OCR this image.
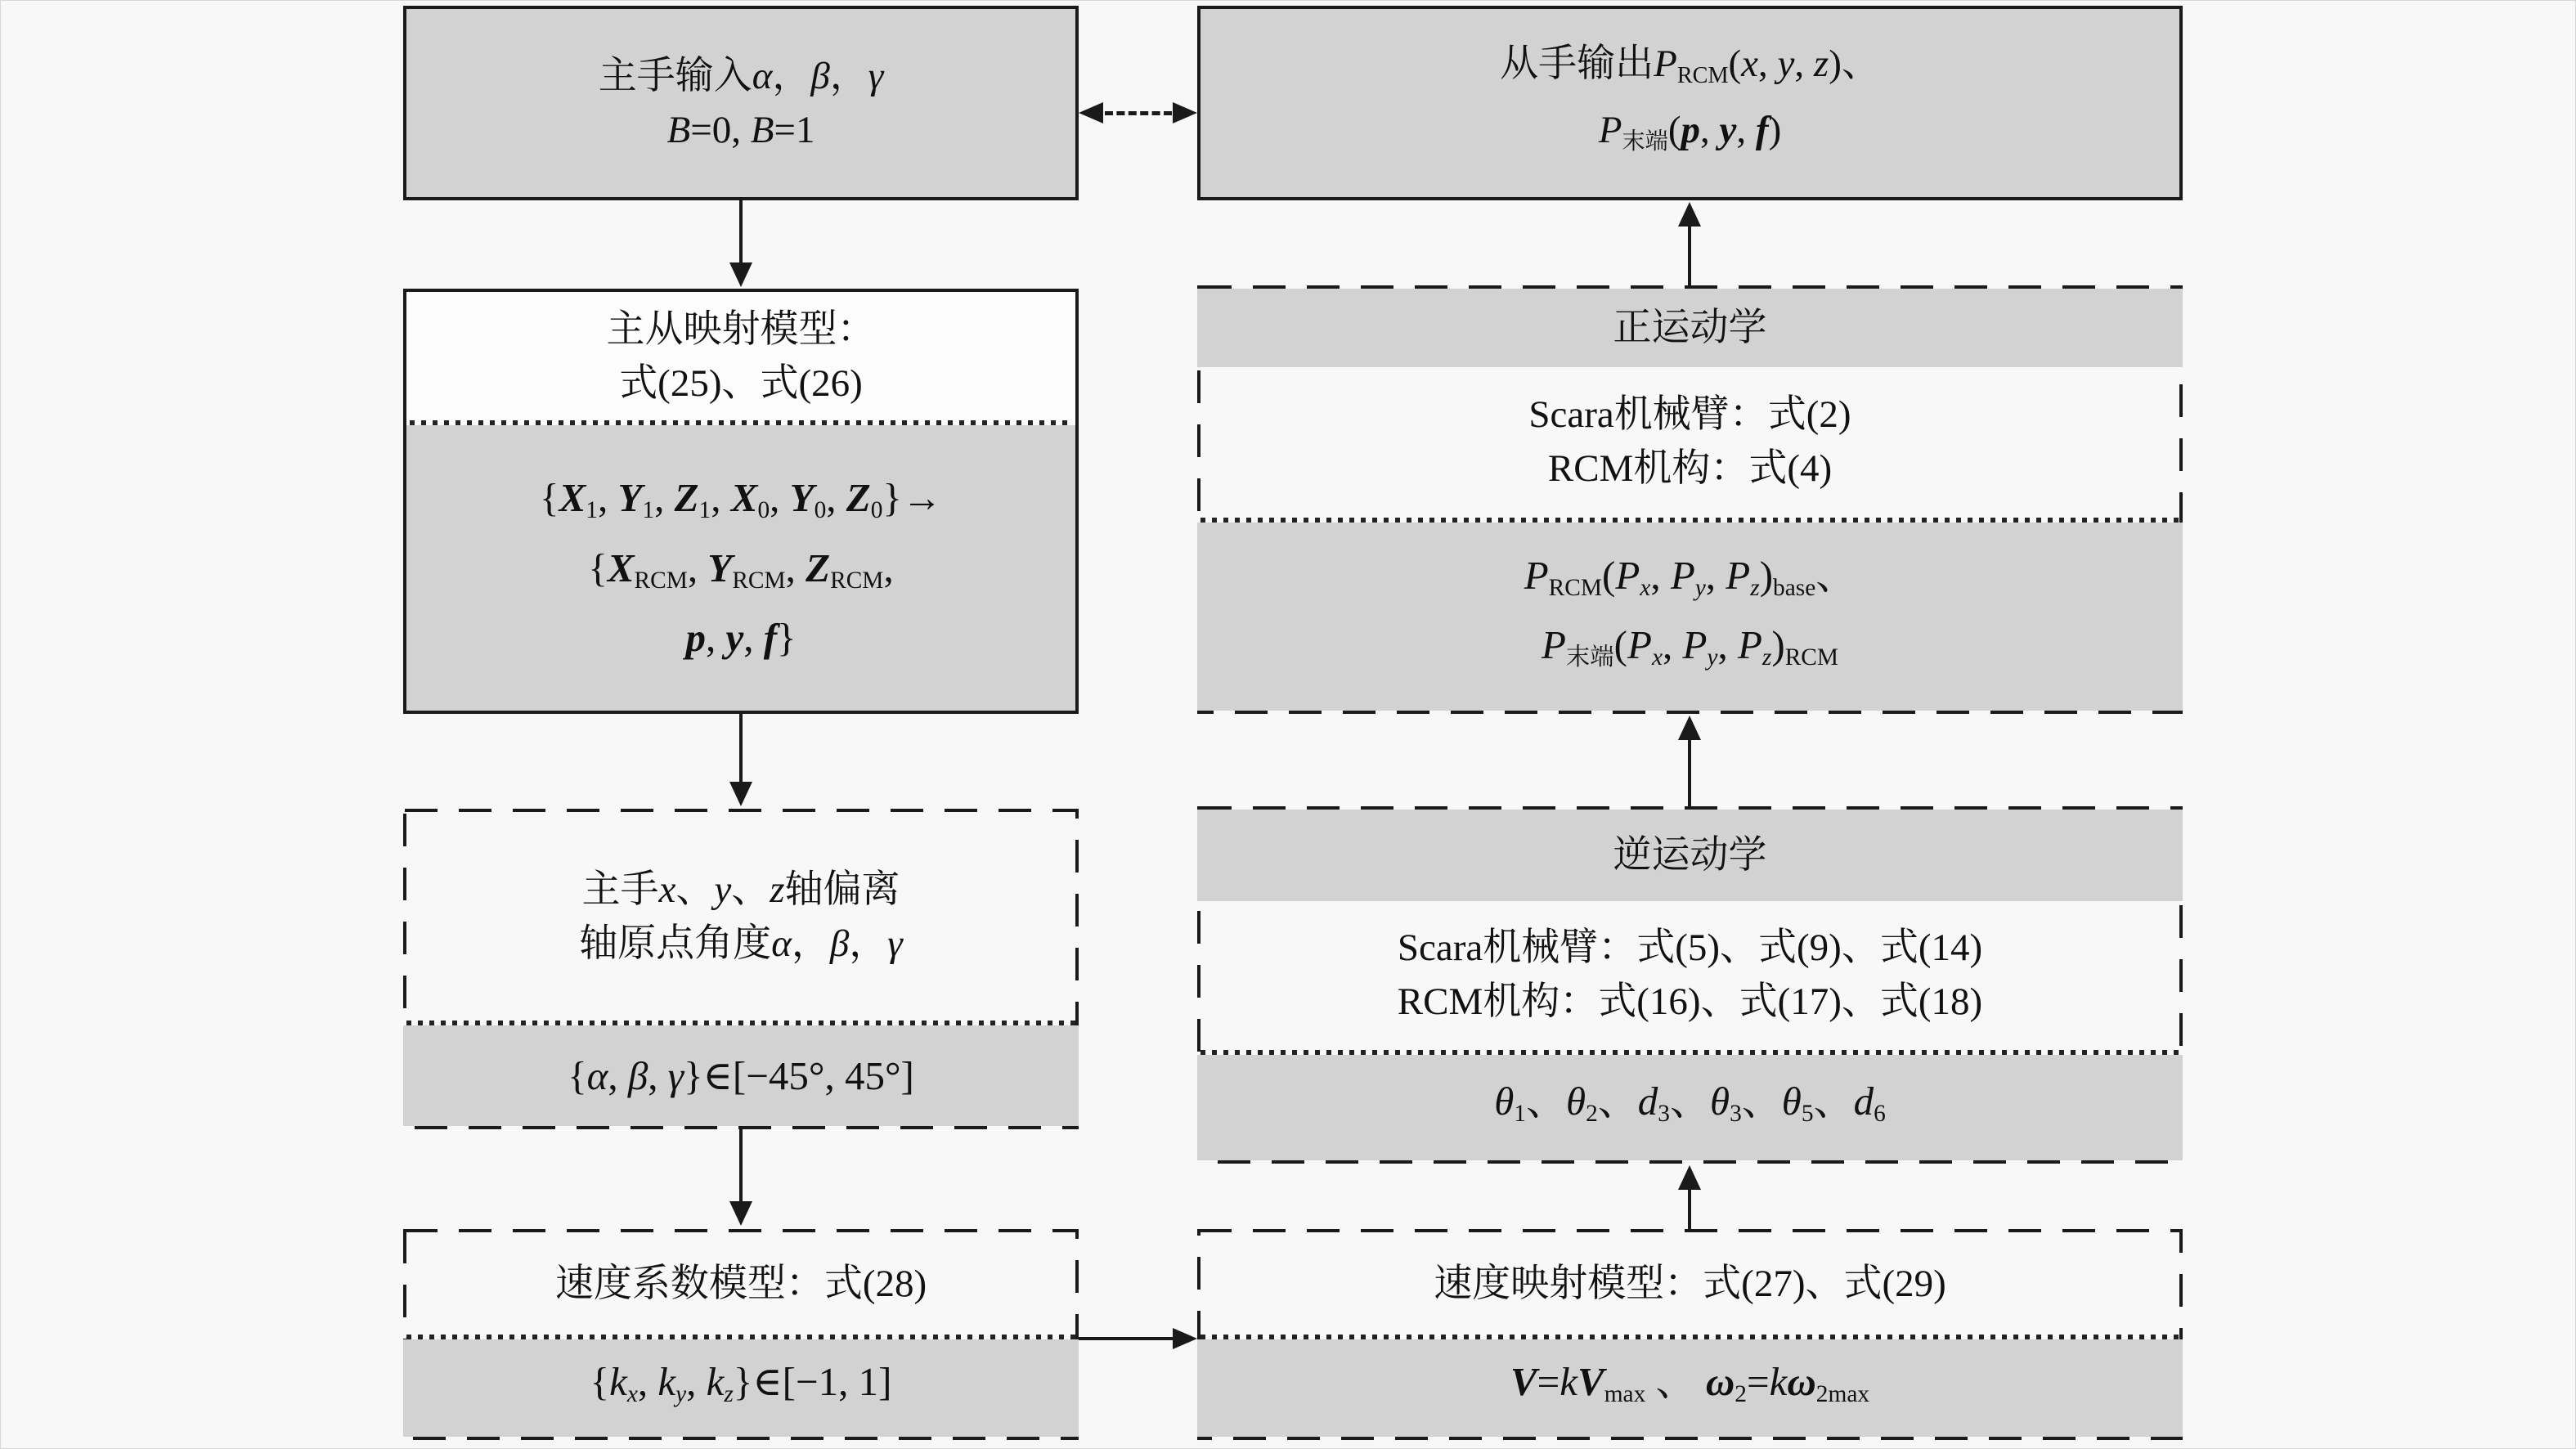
主手输入α，β，γ
B=0, B=1
从手输出PRCM(x, y, z)、
P末端(p, y, f)
主从映射模型：
式(25)、式(26)
{X1, Y1, Z1, X0, Y0, Z0}→
{XRCM, YRCM, ZRCM,
p, y, f}
正运动学
Scara机械臂：式(2)
RCM机构：式(4)
PRCM(Px, Py, Pz)base、
P末端(Px, Py, Pz)RCM
主手x、y、z轴偏离
轴原点角度α，β，γ
{α, β, γ}∈[−45°, 45°]
逆运动学
Scara机械臂：式(5)、式(9)、式(14)
RCM机构：式(16)、式(17)、式(18)
θ1、θ2、d3、θ3、θ5、d6
速度系数模型：式(28)
{kx, ky, kz}∈[−1, 1]
速度映射模型：式(27)、式(29)
V=kVmax 、 ω2=kω2max
